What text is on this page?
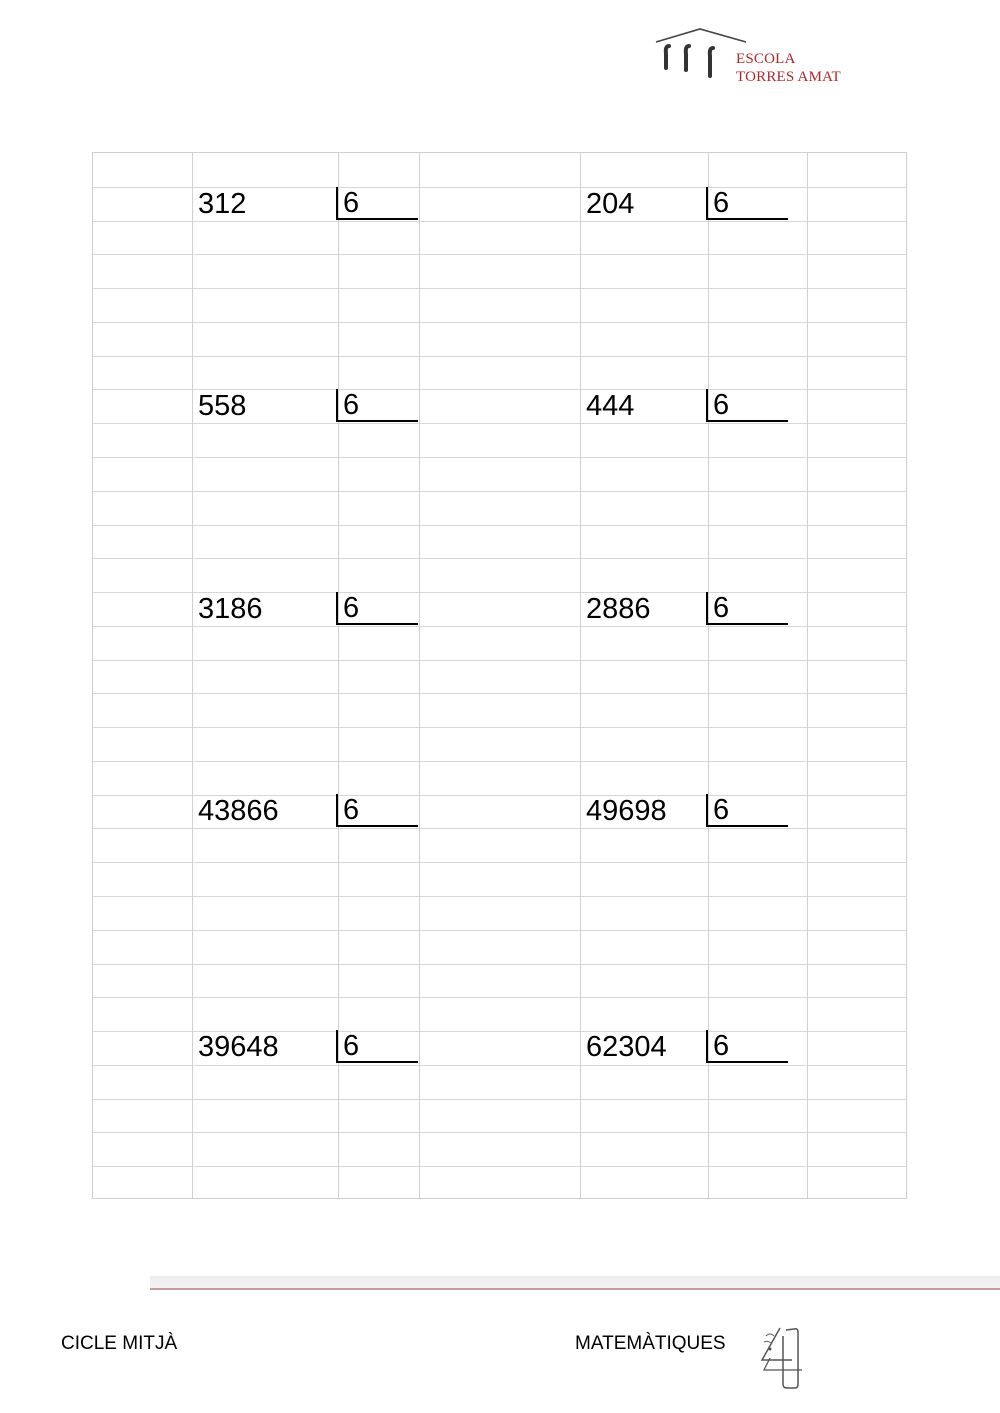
ESCOLA
TORRES AMAT
312	6	204	6
558	6	444	6
3186	6	2886 6
43866 6	49698 6
39648 6	62304 6
CICLE MITJÀ	MATEMÀTIQUES
